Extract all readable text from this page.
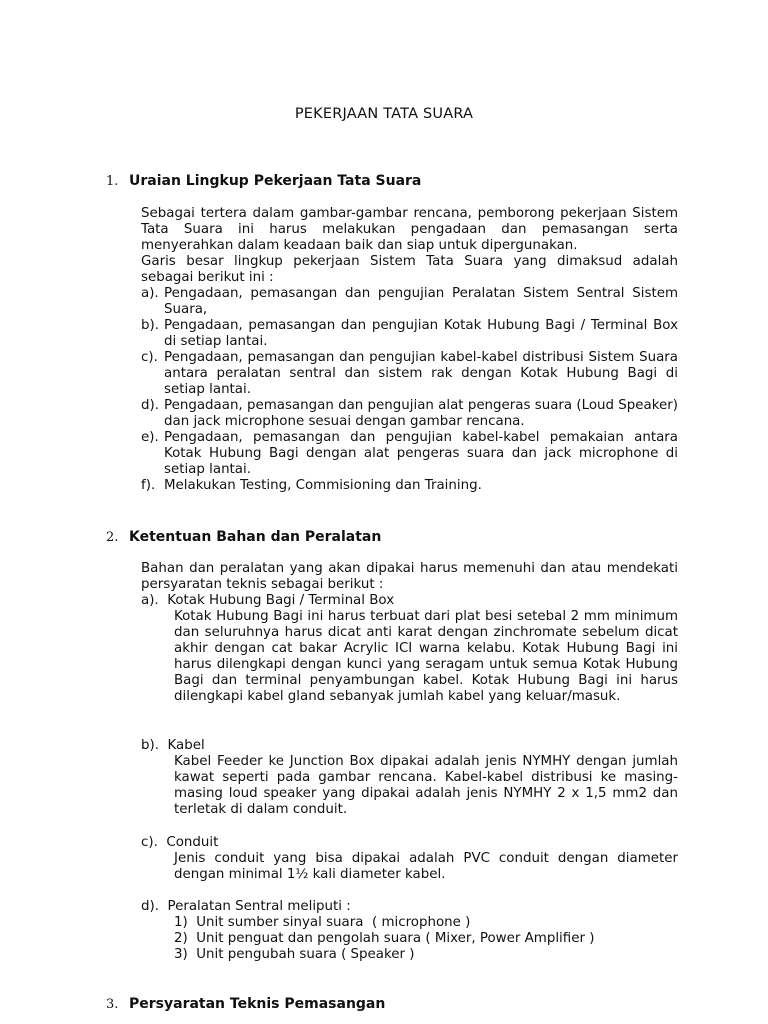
PEKERJAAN TATA SUARA
1. Uraian Lingkup Pekerjaan Tata Suara
Sebagai tertera dalam gambar-gambar rencana, pemborong pekerjaan Sistem Tata Suara ini harus melakukan pengadaan dan pemasangan serta menyerahkan dalam keadaan baik dan siap untuk dipergunakan.
Garis besar lingkup pekerjaan Sistem Tata Suara yang dimaksud adalah sebagai berikut ini :
a). Pengadaan, pemasangan dan pengujian Peralatan Sistem Sentral Sistem Suara,
b). Pengadaan, pemasangan dan pengujian Kotak Hubung Bagi / Terminal Box di setiap lantai.
c). Pengadaan, pemasangan dan pengujian kabel-kabel distribusi Sistem Suara antara peralatan sentral dan sistem rak dengan Kotak Hubung Bagi di setiap lantai.
d). Pengadaan, pemasangan dan pengujian alat pengeras suara (Loud Speaker) dan jack microphone sesuai dengan gambar rencana.
e). Pengadaan, pemasangan dan pengujian kabel-kabel pemakaian antara Kotak Hubung Bagi dengan alat pengeras suara dan jack microphone di setiap lantai.
f). Melakukan Testing, Commisioning dan Training.
2. Ketentuan Bahan dan Peralatan
Bahan dan peralatan yang akan dipakai harus memenuhi dan atau mendekati persyaratan teknis sebagai berikut :
a).  Kotak Hubung Bagi / Terminal Box
Kotak Hubung Bagi ini harus terbuat dari plat besi setebal 2 mm minimum dan seluruhnya harus dicat anti karat dengan zinchromate sebelum dicat akhir dengan cat bakar Acrylic ICI warna kelabu. Kotak Hubung Bagi ini harus dilengkapi dengan kunci yang seragam untuk semua Kotak Hubung Bagi dan terminal penyambungan kabel. Kotak Hubung Bagi ini harus dilengkapi kabel gland sebanyak jumlah kabel yang keluar/masuk.
b).  Kabel
Kabel Feeder ke Junction Box dipakai adalah jenis NYMHY dengan jumlah kawat seperti pada gambar rencana. Kabel-kabel distribusi ke masing-masing loud speaker yang dipakai adalah jenis NYMHY 2 x 1,5 mm2 dan terletak di dalam conduit.
c).  Conduit
Jenis conduit yang bisa dipakai adalah PVC conduit dengan diameter dengan minimal 1½ kali diameter kabel.
d).  Peralatan Sentral meliputi :
1)  Unit sumber sinyal suara  ( microphone )
2)  Unit penguat dan pengolah suara ( Mixer, Power Amplifier )
3)  Unit pengubah suara ( Speaker )
3. Persyaratan Teknis Pemasangan
